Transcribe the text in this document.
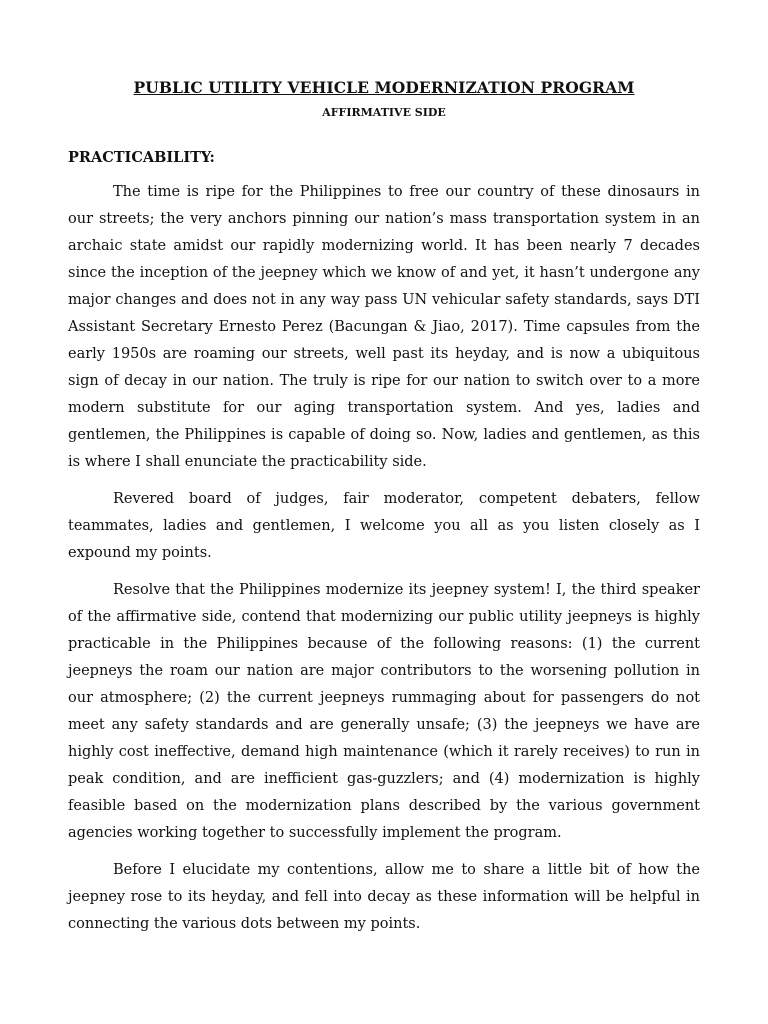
PUBLIC UTILITY VEHICLE MODERNIZATION PROGRAM
AFFIRMATIVE SIDE
PRACTICABILITY:

The time is ripe for the Philippines to free our country of these dinosaurs in our streets; the very anchors pinning our nation’s mass transportation system in an archaic state amidst our rapidly modernizing world. It has been nearly 7 decades since the inception of the jeepney which we know of and yet, it hasn’t undergone any major changes and does not in any way pass UN vehicular safety standards, says DTI Assistant Secretary Ernesto Perez (Bacungan & Jiao, 2017). Time capsules from the early 1950s are roaming our streets, well past its heyday, and is now a ubiquitous sign of decay in our nation. The truly is ripe for our nation to switch over to a more modern substitute for our aging transportation system. And yes, ladies and gentlemen, the Philippines is capable of doing so. Now, ladies and gentlemen, as this is where I shall enunciate the practicability side.

Revered board of judges, fair moderator, competent debaters, fellow teammates, ladies and gentlemen, I welcome you all as you listen closely as I expound my points.

Resolve that the Philippines modernize its jeepney system! I, the third speaker of the affirmative side, contend that modernizing our public utility jeepneys is highly practicable in the Philippines because of the following reasons: (1) the current jeepneys the roam our nation are major contributors to the worsening pollution in our atmosphere; (2) the current jeepneys rummaging about for passengers do not meet any safety standards and are generally unsafe; (3) the jeepneys we have are highly cost ineffective, demand high maintenance (which it rarely receives) to run in peak condition, and are inefficient gas-guzzlers; and (4) modernization is highly feasible based on the modernization plans described by the various government agencies working together to successfully implement the program.

Before I elucidate my contentions, allow me to share a little bit of how the jeepney rose to its heyday, and fell into decay as these information will be helpful in connecting the various dots between my points.
